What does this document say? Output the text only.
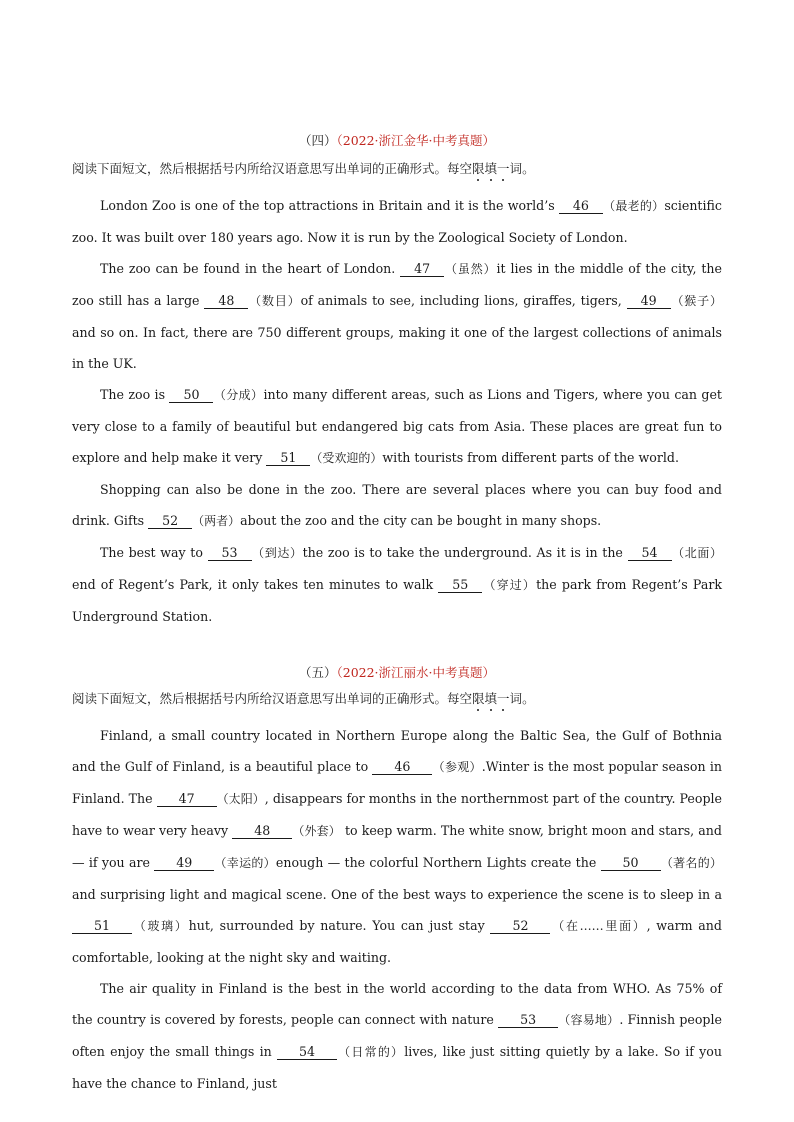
（四）（2022·浙江金华·中考真题）
阅读下面短文，然后根据括号内所给汉语意思写出单词的正确形式。每空限填一词。
London Zoo is one of the top attractions in Britain and it is the world’s 46 （最老的）scientific zoo. It was built over 180 years ago. Now it is run by the Zoological Society of London.
The zoo can be found in the heart of London. 47 （虽然）it lies in the middle of the city, the zoo still has a large 48 （数目）of animals to see, including lions, giraffes, tigers, 49 （猴子）and so on. In fact, there are 750 different groups, making it one of the largest collections of animals in the UK.
The zoo is 50 （分成）into many different areas, such as Lions and Tigers, where you can get very close to a family of beautiful but endangered big cats from Asia. These places are great fun to explore and help make it very 51 （受欢迎的）with tourists from different parts of the world.
Shopping can also be done in the zoo. There are several places where you can buy food and drink. Gifts 52 （两者）about the zoo and the city can be bought in many shops.
The best way to 53 （到达）the zoo is to take the underground. As it is in the 54 （北面）end of Regent’s Park, it only takes ten minutes to walk 55 （穿过）the park from Regent’s Park Underground Station.
（五）（2022·浙江丽水·中考真题）
阅读下面短文，然后根据括号内所给汉语意思写出单词的正确形式。每空限填一词。
Finland, a small country located in Northern Europe along the Baltic Sea, the Gulf of Bothnia and the Gulf of Finland, is a beautiful place to 46 （参观）.Winter is the most popular season in Finland. The 47 （太阳）, disappears for months in the northernmost part of the country. People have to wear very heavy 48 （外套） to keep warm. The white snow, bright moon and stars, and — if you are 49 （幸运的）enough — the colorful Northern Lights create the 50 （著名的） and surprising light and magical scene. One of the best ways to experience the scene is to sleep in a 51 （玻璃）hut, surrounded by nature. You can just stay 52 （在……里面）, warm and comfortable, looking at the night sky and waiting.
The air quality in Finland is the best in the world according to the data from WHO. As 75% of the country is covered by forests, people can connect with nature 53 （容易地）. Finnish people often enjoy the small things in 54 （日常的）lives, like just sitting quietly by a lake. So if you have the chance to Finland, just
